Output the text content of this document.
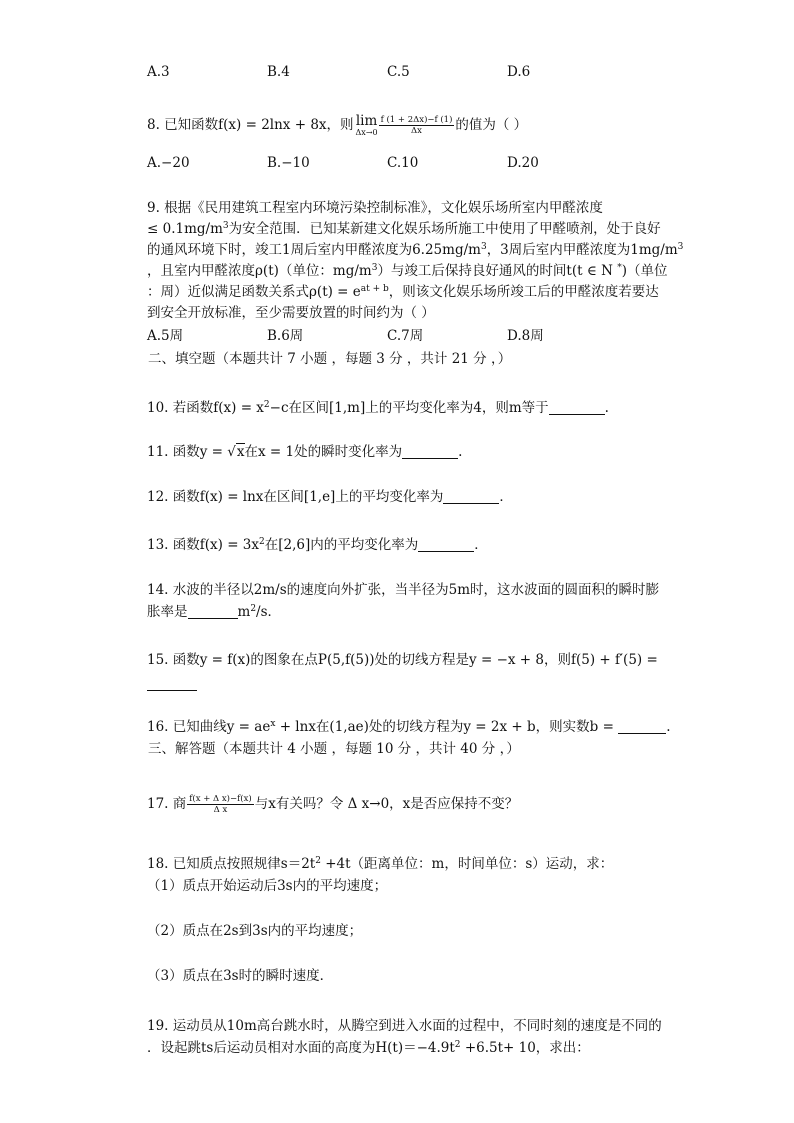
A.3	B.4	C.5	D.6
8. 已知函数f(x) = 2lnx + 8x，则 lim
$\Delta x\to 0 \frac{f (1 + 2\Delta x)-f (1)}{\Delta x}$ 的值为（ ）
A.−20	B.−10	C.10	D.20
9. 根据《民用建筑工程室内环境污染控制标准》，文化娱乐场所室内甲醛浓度
≤ $0.1mg/m^3$为安全范围．已知某新建文化娱乐场所施工中使用了甲醛喷剂，处于良好
的通风环境下时，竣工1周后室内甲醛浓度为$6.25mg/m^3$，3周后室内甲醛浓度为$1mg/m^3$
，且室内甲醛浓度ρ(t)（单位：$mg/m^3$）与竣工后保持良好通风的时间t(t ∈ N *)（单位
：周）近似满足函数关系式$\rho(t) = e^{at + b}$，则该文化娱乐场所竣工后的甲醛浓度若要达
到安全开放标准，至少需要放置的时间约为（ ）
A.5周	B.6周	C.7周	D.8周
二、填空题（本题共计 7 小题 ，每题 3 分 ，共计 21 分 ，）
10. 若函数$f(x) = x^2-c$在区间[1,m]上的平均变化率为4，则m等于	.
11. 函数y = √x在x = 1处的瞬时变化率为	.
12. 函数f(x) = lnx在区间[1,e]上的平均变化率为	．
13. 函数$f(x) = 3x^2$在[2,6]内的平均变化率为	．
14. 水波的半径以2m/s的速度向外扩张，当半径为5m时，这水波面的圆面积的瞬时膨
胀率是	$m^2/s$．
15. 函数y = f(x)的图象在点P(5,f(5))处的切线方程是y = −x + 8，则f(5) + f′(5) =
16. 已知曲线$y = ae^x + \ln x$在(1,ae)处的切线方程为y = 2x + b，则实数b =	.
三、解答题（本题共计 4 小题 ，每题 10 分 ，共计 40 分 ，）
17. 商 $\frac{\text{f(x + Δ x)−f(x)}}{\text{Δ x}}$ 与x有关吗？令 Δ x→0，x是否应保持不变？
18. 已知质点按照规律$s=2t^2 +4t$（距离单位：m，时间单位：s）运动，求：
（1）质点开始运动后3s内的平均速度；
（2）质点在2s到3s内的平均速度；
（3）质点在3s时的瞬时速度．
19. 运动员从10m高台跳水时，从腾空到进入水面的过程中，不同时刻的速度是不同的
．设起跳ts后运动员相对水面的高度为$H(t)=-4.9t^2 +6.5t+ 10$，求出：
